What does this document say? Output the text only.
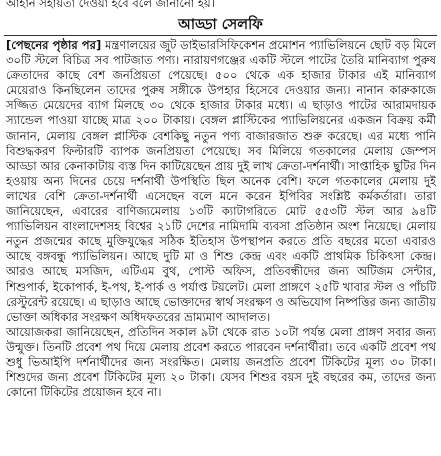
আহান সহায়তা দেওয়া হবে বলে জানানো হয়।
আড্ডা সেলফি

[পেছনের পৃষ্ঠার পর] মন্ত্রণালয়ের জুট ডাইভারসিফিকেশন প্রমোশন প্যাভিলিয়নে ছোট বড় মিলে ৩০টি স্টলে বিচিত্র সব পাটজাত পণ্য। নারায়ণগঞ্জের একটি স্টলে পাটের তৈরি মানিব্যাগ পুরুষ ক্রেতাদের কাছে বেশ জনপ্রিয়তা পেয়েছে। ৫০০ থেকে এক হাজার টাকার এই মানিব্যাগ মেয়েরাও কিনছিলেন তাদের পুরুষ সঙ্গীকে উপহার হিসেবে দেওয়ার জন্য। নানান কারুকাজে সজ্জিত মেয়েদের ব্যাগ মিলছে ৩০ থেকে হাজার টাকার মধ্যে। এ ছাড়াও পাটের আরামদায়ক স্যান্ডেল পাওয়া যাচ্ছে মাত্র ২০০ টাকায়। বেঙ্গল প্লাস্টিকের প্যাভিলিয়নের একজন বিক্রয় কর্মী জানান, মেলায় বেঙ্গল প্লাস্টিক বেশকিছু নতুন পণ্য বাজারজাত শুরু করেছে। এর মধ্যে পানি বিশুদ্ধকরণ ফিল্টারটি ব্যাপক জনপ্রিয়তা পেয়েছে। সব মিলিয়ে গতকালের মেলায় জেম্পস আড্ডা আর কেনাকাটায় ব্যস্ত দিন কাটিয়েছেন প্রায় দুই লাখ ক্রেতা-দর্শনার্থী। সাপ্তাহিক ছুটির দিন হওয়ায় অন্য দিনের চেয়ে দর্শনার্থী উপস্থিতি ছিল অনেক বেশি। ফলে গতকালের মেলায় দুই লাখের বেশি ক্রেতা-দর্শনার্থী এসেছেন বলে মনে করেন ইপিবির সংশ্লিষ্ট কর্মকর্তারা। তারা জানিয়েছেন, এবারের বাণিজ্যমেলায় ১৩টি ক্যাটাগরিতে মোট ৫৫৩টি স্টল আর ৯৪টি প্যাভিলিয়ন বাংলাদেশসহ বিশ্বের ২১টি দেশের নামিদামি ব্যবসা প্রতিষ্ঠান অংশ নিয়েছে। মেলায় নতুন প্রজন্মের কাছে মুক্তিযুদ্ধের সঠিক ইতিহাস উপস্থাপন করতে প্রতি বছরের মতো এবারও আছে বঙ্গবন্ধু প্যাভিলিয়ন। আছে দুটি মা ও শিশু কেন্দ্র এবং একটি প্রাথমিক চিকিৎসা কেন্দ্র। আরও আছে মসজিদ, এটিএম বুথ, পোস্ট অফিস, প্রতিবন্ধীদের জন্য অটিজম সেন্টার, শিশুপার্ক, ইকোপার্ক, ই-পথ, ই-পার্ক ও পর্যাপ্ত টয়লেট। মেলা প্রাঙ্গণে ২৫টি খাবার স্টল ও পাঁচটি রেস্টুরেন্ট রয়েছে। এ ছাড়াও আছে ভোক্তাদের স্বার্থ সংরক্ষণ ও অভিযোগ নিষ্পত্তির জন্য জাতীয় ভোক্তা অধিকার সংরক্ষণ অধিদফতরের ভ্রাম্যমাণ আদালত।

আয়োজকরা জানিয়েছেন, প্রতিদিন সকাল ৯টা থেকে রাত ১০টা পর্যন্ত মেলা প্রাঙ্গণ সবার জন্য উন্মুক্ত। তিনটি প্রবেশ পথ দিয়ে মেলায় প্রবেশ করতে পারবেন দর্শনার্থীরা। তবে একটি প্রবেশ পথ শুধু ভিআইপি দর্শনার্থীদের জন্য সংরক্ষিত। মেলায় জনপ্রতি প্রবেশ টিকিটের মূল্য ৩০ টাকা। শিশুদের জন্য প্রবেশ টিকিটের মূল্য ২০ টাকা। যেসব শিশুর বয়স দুই বছরের কম, তাদের জন্য কোনো টিকিটের প্রয়োজন হবে না।
